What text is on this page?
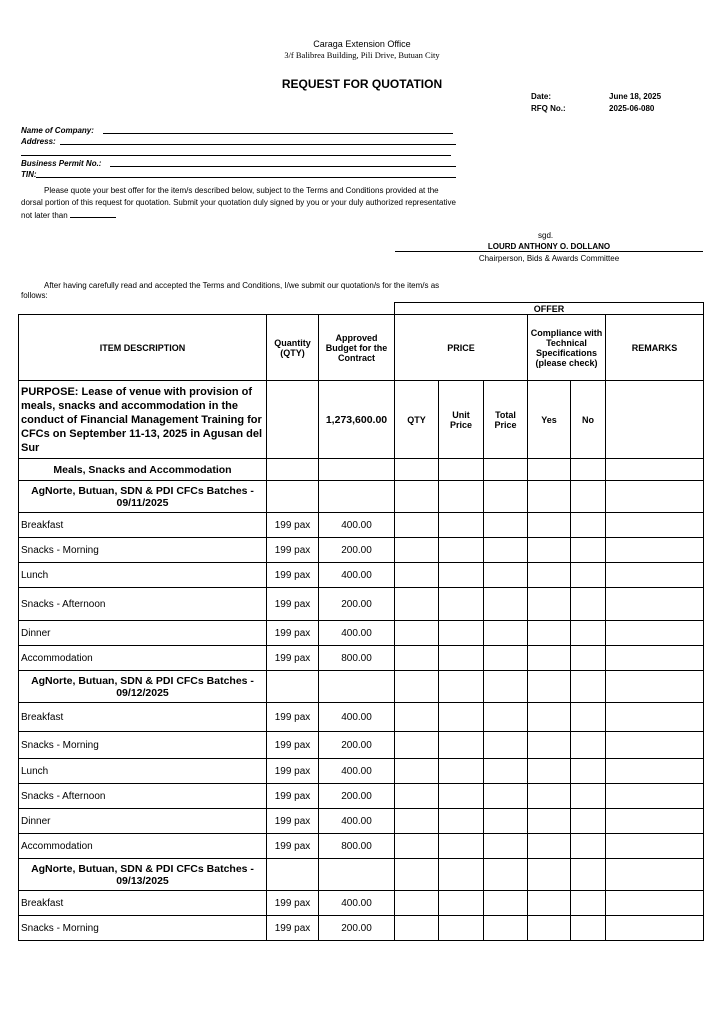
Caraga Extension Office
3/f Balibrea Building, Pili Drive, Butuan City
REQUEST FOR QUOTATION
Date:	June 18, 2025
RFQ No.:	2025-06-080
Name of Company:
Address:
Business Permit No.:
TIN:
Please quote your best offer for the item/s described below, subject to the Terms and Conditions provided at the dorsal portion of this request for quotation. Submit your quotation duly signed by you or your duly authorized representative not later than
sgd.
LOURD ANTHONY O. DOLLANO
Chairperson, Bids & Awards Committee
After having carefully read and accepted the Terms and Conditions, I/we submit our quotation/s for the item/s as follows:
			OFFER					
ITEM DESCRIPTION	Quantity (QTY)	Approved Budget for the Contract	PRICE			Compliance with Technical Specifications (please check)		REMARKS
PURPOSE: Lease of venue with provision of meals, snacks and accommodation in the conduct of Financial Management Training for CFCs on September 11-13, 2025 in Agusan del Sur		1,273,600.00	QTY	Unit Price	Total Price	Yes	No	
Meals, Snacks and Accommodation								
AgNorte, Butuan, SDN & PDI CFCs Batches - 09/11/2025								
Breakfast	199 pax	400.00						
Snacks - Morning	199 pax	200.00						
Lunch	199 pax	400.00						
Snacks - Afternoon	199 pax	200.00						
Dinner	199 pax	400.00						
Accommodation	199 pax	800.00						
AgNorte, Butuan, SDN & PDI CFCs Batches - 09/12/2025								
Breakfast	199 pax	400.00						
Snacks - Morning	199 pax	200.00						
Lunch	199 pax	400.00						
Snacks - Afternoon	199 pax	200.00						
Dinner	199 pax	400.00						
Accommodation	199 pax	800.00						
AgNorte, Butuan, SDN & PDI CFCs Batches - 09/13/2025								
Breakfast	199 pax	400.00						
Snacks - Morning	199 pax	200.00						
